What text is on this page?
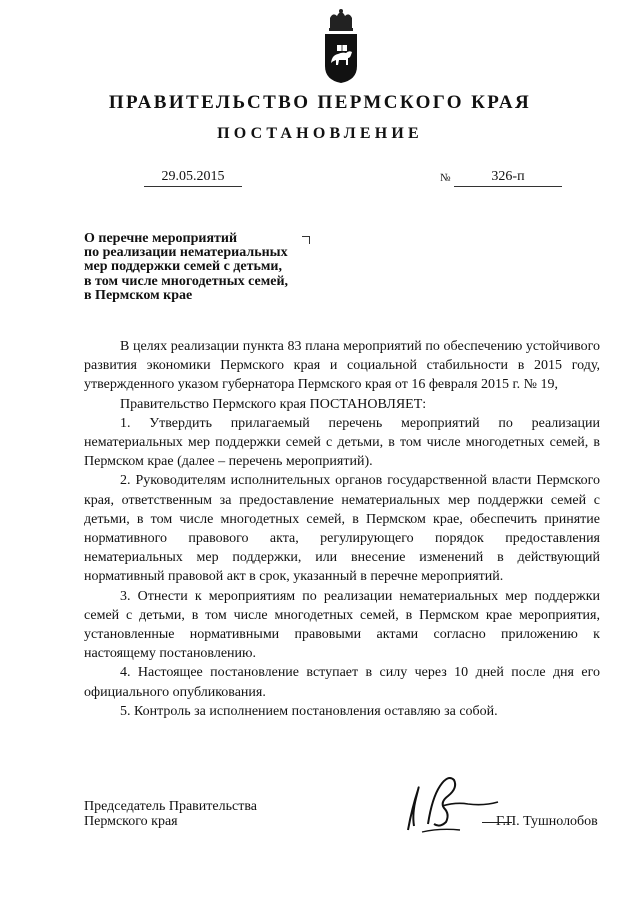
ПРАВИТЕЛЬСТВО ПЕРМСКОГО КРАЯ
ПОСТАНОВЛЕНИЕ
29.05.2015	№	326-п
О перечне мероприятий
по реализации нематериальных
мер поддержки семей с детьми,
в том числе многодетных семей,
в Пермском крае

В целях реализации пункта 83 плана мероприятий по обеспечению устойчивого развития экономики Пермского края и социальной стабильности в 2015 году, утвержденного указом губернатора Пермского края от 16 февраля 2015 г. № 19,

Правительство Пермского края ПОСТАНОВЛЯЕТ:

1. Утвердить прилагаемый перечень мероприятий по реализации нематериальных мер поддержки семей с детьми, в том числе многодетных семей, в Пермском крае (далее – перечень мероприятий).

2. Руководителям исполнительных органов государственной власти Пермского края, ответственным за предоставление нематериальных мер поддержки семей с детьми, в том числе многодетных семей, в Пермском крае, обеспечить принятие нормативного правового акта, регулирующего порядок предоставления нематериальных мер поддержки, или внесение изменений в действующий нормативный правовой акт в срок, указанный в перечне мероприятий.

3. Отнести к мероприятиям по реализации нематериальных мер поддержки семей с детьми, в том числе многодетных семей, в Пермском крае мероприятия, установленные нормативными правовыми актами согласно приложению к настоящему постановлению.

4. Настоящее постановление вступает в силу через 10 дней после дня его официального опубликования.

5. Контроль за исполнением постановления оставляю за собой.

Председатель Правительства
Пермского края	Г.П. Тушнолобов
